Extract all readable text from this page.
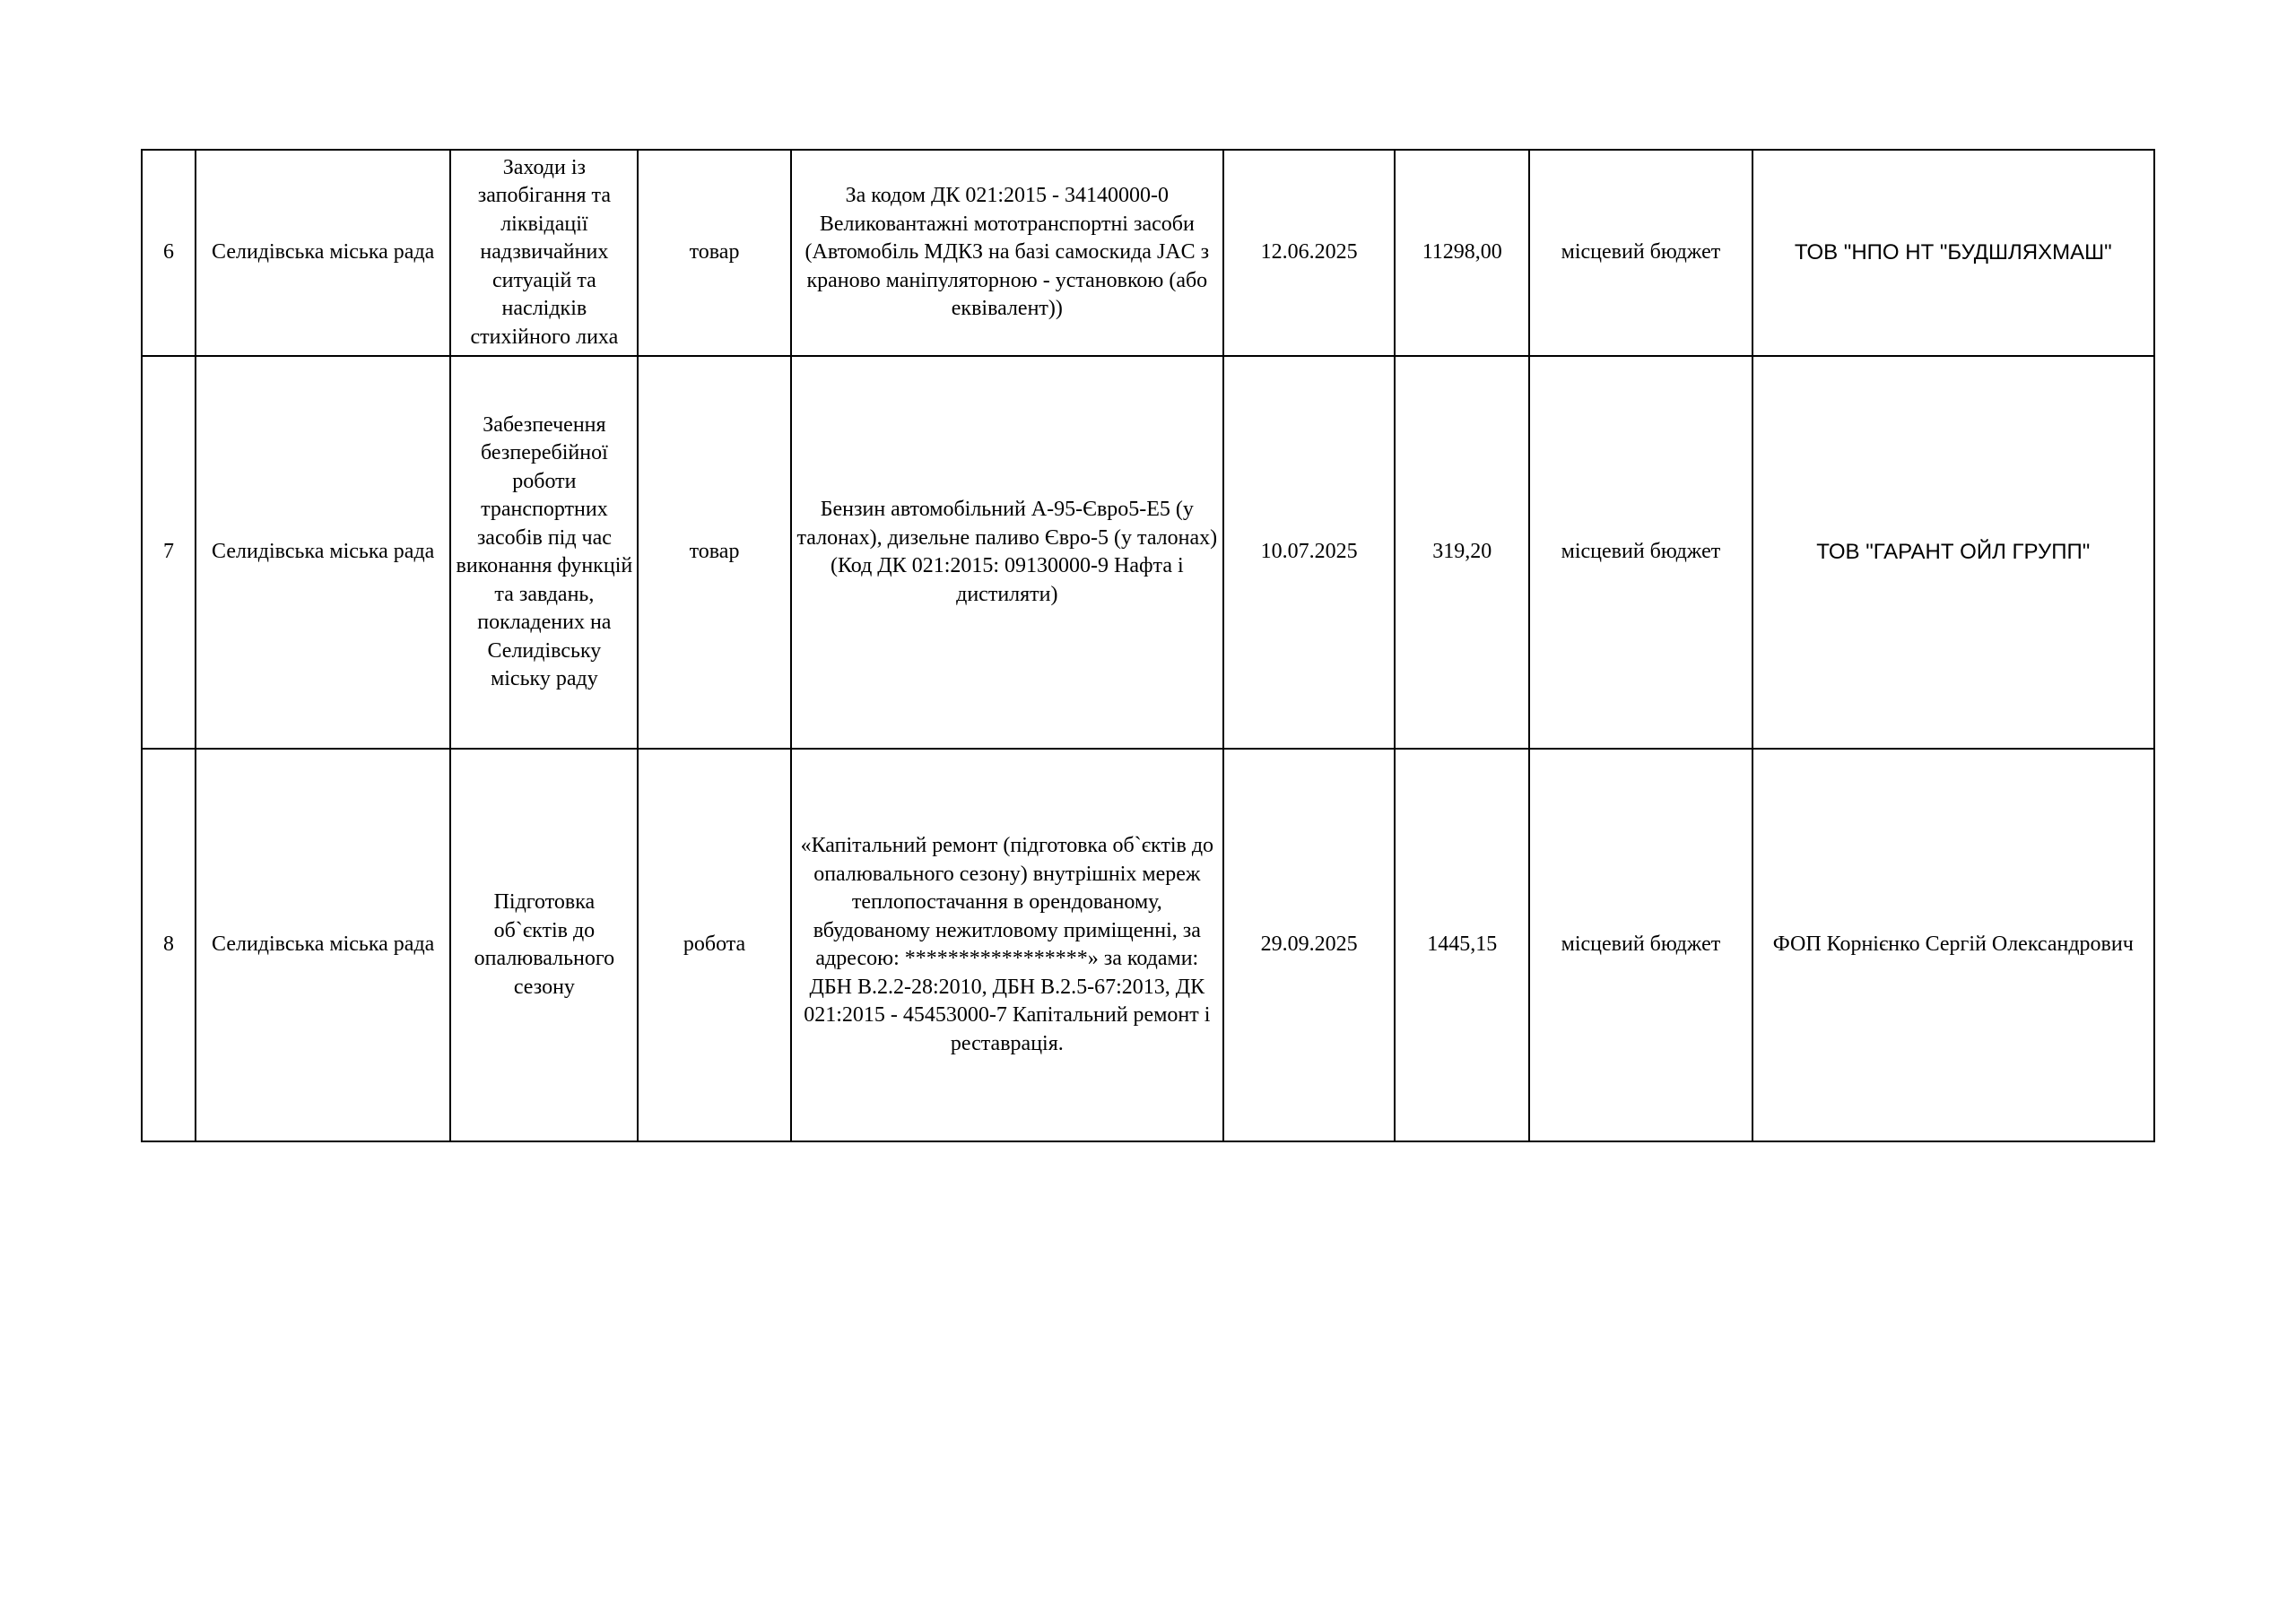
6	Селидівська міська рада	Заходи із запобігання та ліквідації надзвичайних ситуацій та наслідків стихійного лиха	товар	За кодом ДК 021:2015 - 34140000-0 Великовантажні мототранспортні засоби (Автомобіль МДКЗ на базі самоскида JAC з краново маніпуляторною - установкою (або еквівалент))	12.06.2025	11298,00	місцевий бюджет	ТОВ "НПО НТ "БУДШЛЯХМАШ"
7	Селидівська міська рада	Забезпечення безперебійної роботи транспортних засобів під час виконання функцій та завдань, покладених на Селидівську міську раду	товар	Бензин автомобільний А-95-Євро5-Е5 (у талонах), дизельне паливо Євро-5 (у талонах) (Код ДК 021:2015: 09130000-9 Нафта і дистиляти)	10.07.2025	319,20	місцевий бюджет	ТОВ "ГАРАНТ ОЙЛ ГРУПП"
8	Селидівська міська рада	Підготовка об`єктів до опалювального сезону	робота	«Капітальний ремонт (підготовка об`єктів до опалювального сезону) внутрішніх мереж теплопостачання в орендованому, вбудованому нежитловому приміщенні, за адресою: *****************» за кодами: ДБН В.2.2-28:2010, ДБН В.2.5-67:2013, ДК 021:2015 - 45453000-7 Капітальний ремонт і реставрація.	29.09.2025	1445,15	місцевий бюджет	ФОП Корнієнко Сергій Олександрович
